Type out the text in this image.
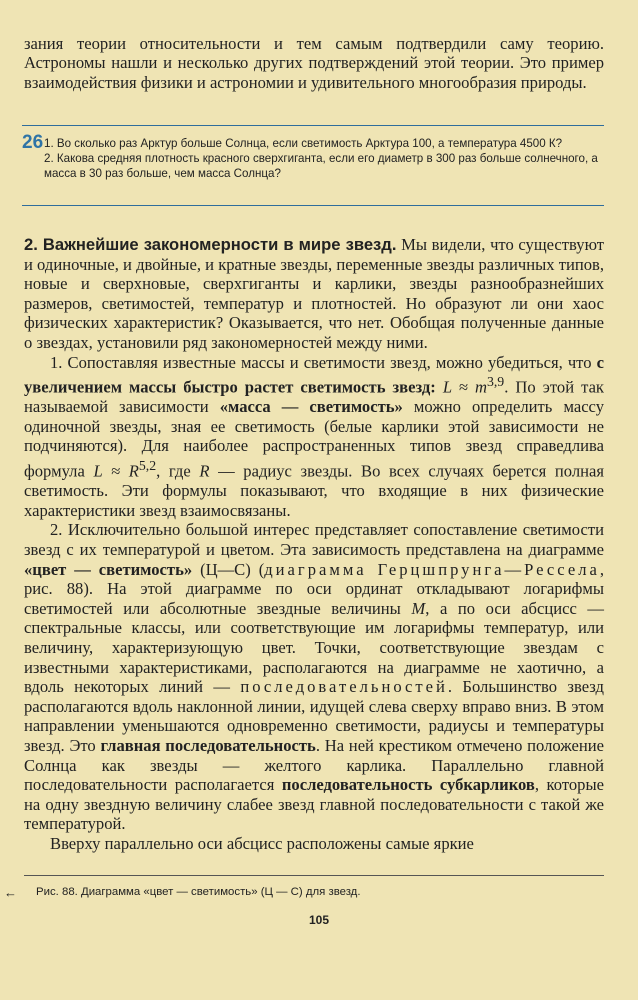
зания теории относительности и тем самым подтвердили саму теорию. Астрономы нашли и несколько других подтверждений этой теории. Это пример взаимодействия физики и астрономии и удивительного многообразия природы.
26 1. Во сколько раз Арктур больше Солнца, если светимость Арктура 100, а температура 4500 К?

2. Какова средняя плотность красного сверхгиганта, если его диаметр в 300 раз больше солнечного, а масса в 30 раз больше, чем масса Солнца?

2. Важнейшие закономерности в мире звезд. Мы видели, что существуют и одиночные, и двойные, и кратные звезды, переменные звезды различных типов, новые и сверхновые, сверхгиганты и карлики, звезды разнообразнейших размеров, светимостей, температур и плотностей. Но образуют ли они хаос физических характеристик? Оказывается, что нет. Обобщая полученные данные о звездах, установили ряд закономерностей между ними.

1. Сопоставляя известные массы и светимости звезд, можно убедиться, что с увеличением массы быстро растет светимость звезд: $L \approx m^{3,9}$. По этой так называемой зависимости «масса — светимость» можно определить массу одиночной звезды, зная ее светимость (белые карлики этой зависимости не подчиняются). Для наиболее распространенных типов звезд справедлива формула L ≈ R$^{5,2}$, где R — радиус звезды. Во всех случаях берется полная светимость. Эти формулы показывают, что входящие в них физические характеристики звезд взаимосвязаны.

2. Исключительно большой интерес представляет сопоставление светимости звезд с их температурой и цветом. Эта зависимость представлена на диаграмме «цвет — светимость» (Ц—С) (диаграмма Герцшпрунга—Рессела, рис. 88). На этой диаграмме по оси ординат откладывают логарифмы светимостей или абсолютные звездные величины M, а по оси абсцисс — спектральные классы, или соответствующие им логарифмы температур, или величину, характеризующую цвет. Точки, соответствующие звездам с известными характеристиками, располагаются на диаграмме не хаотично, а вдоль некоторых линий — последовательностей. Большинство звезд располагаются вдоль наклонной линии, идущей слева сверху вправо вниз. В этом направлении уменьшаются одновременно светимости, радиусы и температуры звезд. Это главная последовательность. На ней крестиком отмечено положение Солнца как звезды — желтого карлика. Параллельно главной последовательности располагается последовательность субкарликов, которые на одну звездную величину слабее звезд главной последовательности с такой же температурой.

Вверху параллельно оси абсцисс расположены самые яркие

← Рис. 88. Диаграмма «цвет — светимость» (Ц — С) для звезд.
105
